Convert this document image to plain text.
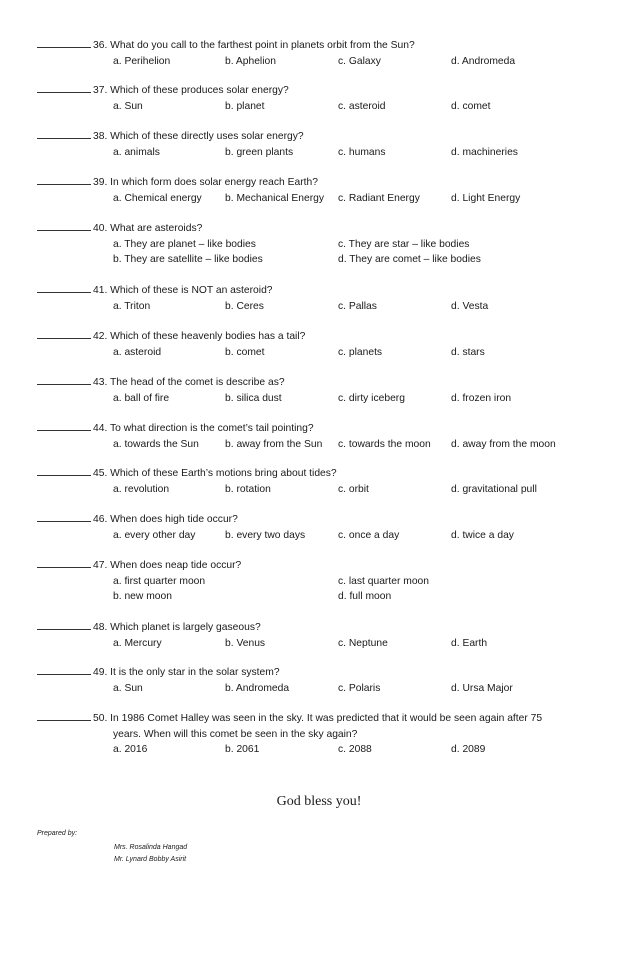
36. What do you call to the farthest point in planets orbit from the Sun?
a. Perihelion	b. Aphelion	c. Galaxy	d. Andromeda
37. Which of these produces solar energy?
a. Sun	b. planet	c. asteroid	d. comet
38. Which of these directly uses solar energy?
a. animals	b. green plants	c. humans	d. machineries
39. In which form does solar energy reach Earth?
a. Chemical energy b. Mechanical Energy c. Radiant Energy	d. Light Energy
40. What are asteroids?
a. They are planet – like bodies	c. They are star – like bodies
b. They are satellite – like bodies	d. They are comet – like bodies
41. Which of these is NOT an asteroid?
a. Triton	b. Ceres	c. Pallas	d. Vesta
42. Which of these heavenly bodies has a tail?
a. asteroid	b. comet	c. planets	d. stars
43. The head of the comet is describe as?
a. ball of fire	b. silica dust	c. dirty iceberg	d. frozen iron
44. To what direction is the comet’s tail pointing?
a. towards the Sun	b. away from the Sun c. towards the moon d. away from the moon
45. Which of these Earth’s motions bring about tides?
a. revolution	b. rotation	c. orbit	d. gravitational pull
46. When does high tide occur?
a. every other day	b. every two days	c. once a day	d. twice a day
47. When does neap tide occur?
a. first quarter moon	c. last quarter moon
b. new moon	d. full moon
48. Which planet is largely gaseous?
a. Mercury	b. Venus	c. Neptune	d. Earth
49. It is the only star in the solar system?
a. Sun	b. Andromeda	c. Polaris	d. Ursa Major
50. In 1986 Comet Halley was seen in the sky. It was predicted that it would be seen again after 75
years. When will this comet be seen in the sky again?
a. 2016	b. 2061	c. 2088	d. 2089
God bless you!
Prepared by:
Mrs. Rosalinda Hangad
Mr. Lynard Bobby Asirit
